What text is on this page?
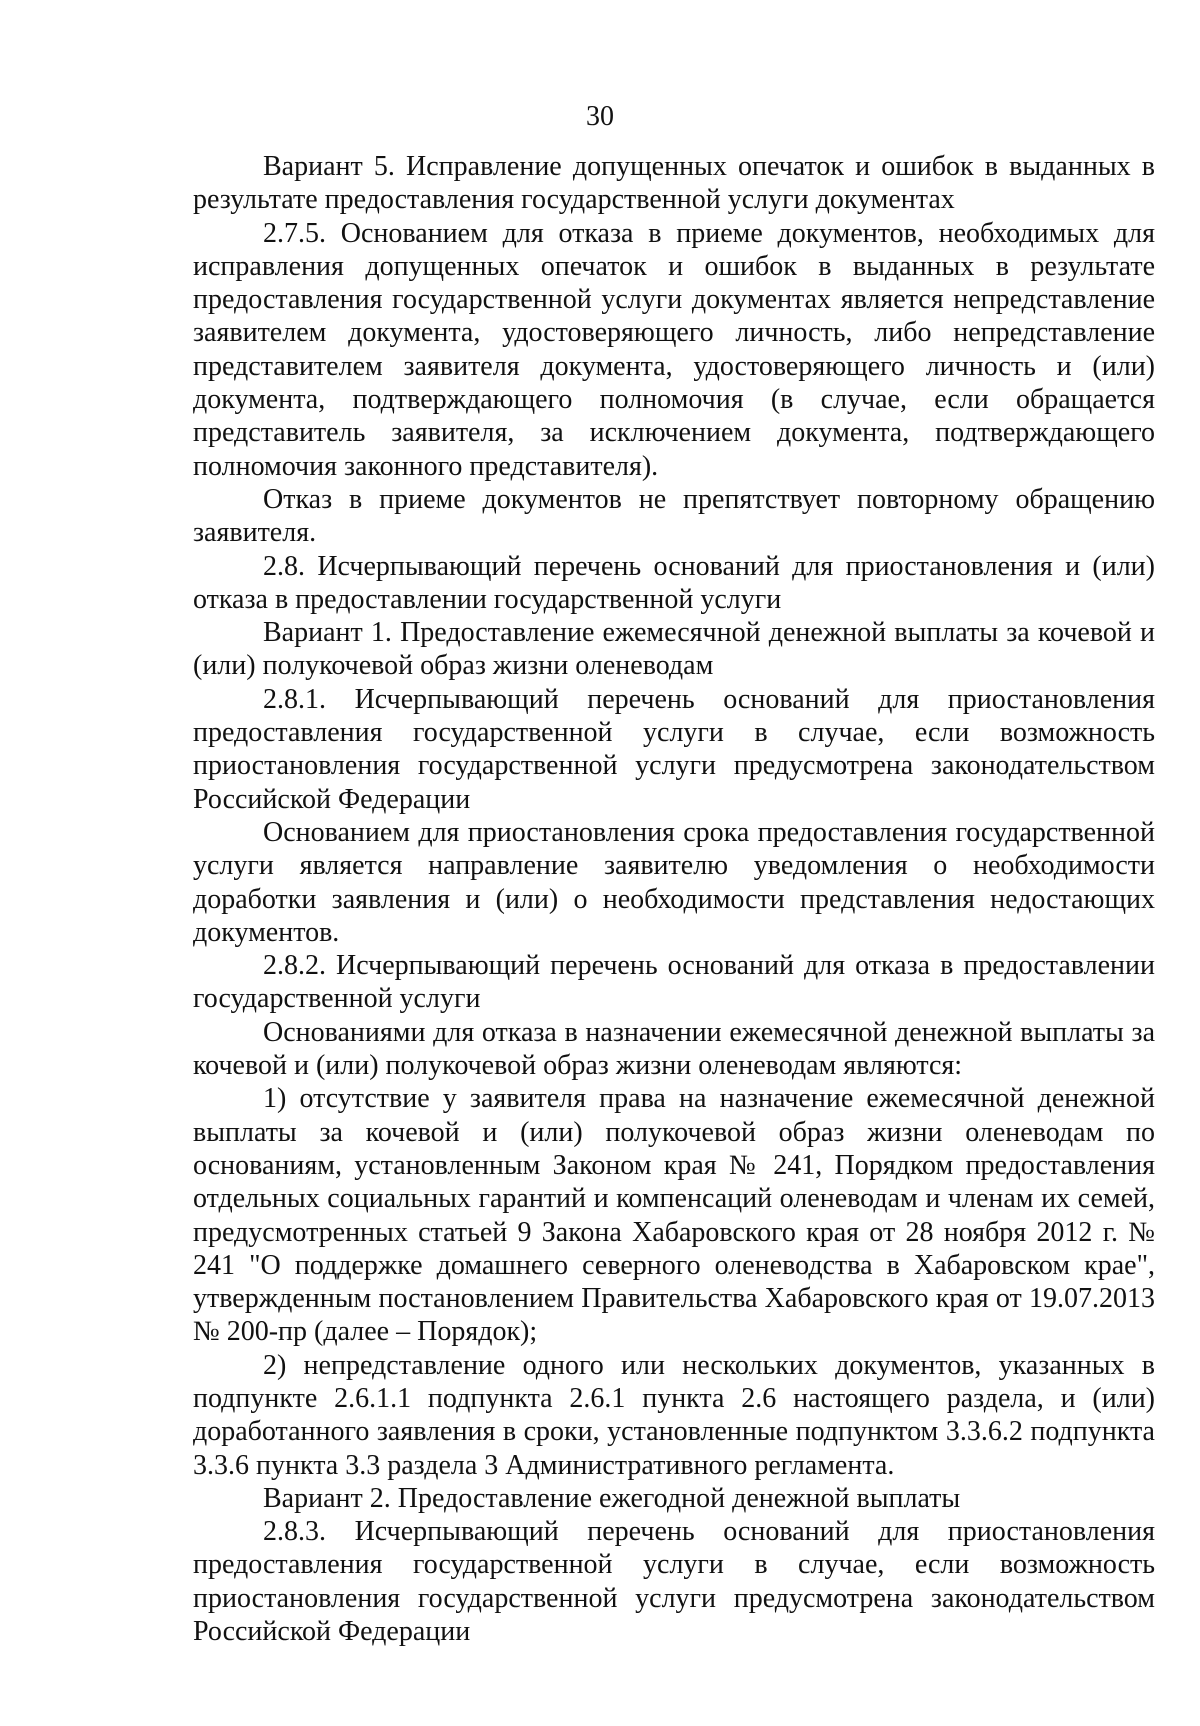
30

Вариант 5. Исправление допущенных опечаток и ошибок в выданных в результате предоставления государственной услуги документах

2.7.5. Основанием для отказа в приеме документов, необходимых для исправления допущенных опечаток и ошибок в выданных в результате предоставления государственной услуги документах является непредставление заявителем документа, удостоверяющего личность, либо непредставление представителем заявителя документа, удостоверяющего личность и (или) документа, подтверждающего полномочия (в случае, если обращается представитель заявителя, за исключением документа, подтверждающего полномочия законного представителя).

Отказ в приеме документов не препятствует повторному обращению заявителя.

2.8. Исчерпывающий перечень оснований для приостановления и (или) отказа в предоставлении государственной услуги

Вариант 1. Предоставление ежемесячной денежной выплаты за кочевой и (или) полукочевой образ жизни оленеводам

2.8.1. Исчерпывающий перечень оснований для приостановления предоставления государственной услуги в случае, если возможность приостановления государственной услуги предусмотрена законодательством Российской Федерации

Основанием для приостановления срока предоставления государственной услуги является направление заявителю уведомления о необходимости доработки заявления и (или) о необходимости представления недостающих документов.

2.8.2. Исчерпывающий перечень оснований для отказа в предоставлении государственной услуги

Основаниями для отказа в назначении ежемесячной денежной выплаты за кочевой и (или) полукочевой образ жизни оленеводам являются:

1) отсутствие у заявителя права на назначение ежемесячной денежной выплаты за кочевой и (или) полукочевой образ жизни оленеводам по основаниям, установленным Законом края № 241, Порядком предоставления отдельных социальных гарантий и компенсаций оленеводам и членам их семей, предусмотренных статьей 9 Закона Хабаровского края от 28 ноября 2012 г. № 241 "О поддержке домашнего северного оленеводства в Хабаровском крае", утвержденным постановлением Правительства Хабаровского края от 19.07.2013 № 200-пр (далее – Порядок);

2) непредставление одного или нескольких документов, указанных в подпункте 2.6.1.1 подпункта 2.6.1 пункта 2.6 настоящего раздела, и (или) доработанного заявления в сроки, установленные подпунктом 3.3.6.2 подпункта 3.3.6 пункта 3.3 раздела 3 Административного регламента.

Вариант 2. Предоставление ежегодной денежной выплаты

2.8.3. Исчерпывающий перечень оснований для приостановления предоставления государственной услуги в случае, если возможность приостановления государственной услуги предусмотрена законодательством Российской Федерации
